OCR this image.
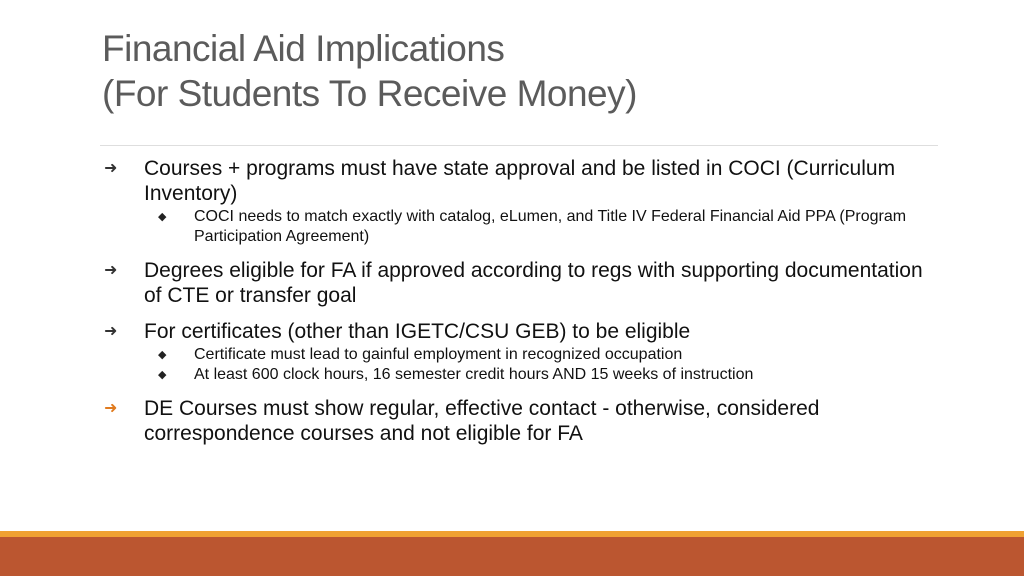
Financial Aid Implications
(For Students To Receive Money)
➜	Courses + programs must have state approval and be listed in COCI (Curriculum Inventory)
◆ COCI needs to match exactly with catalog, eLumen, and Title IV Federal Financial Aid PPA (Program Participation Agreement)
➜	Degrees eligible for FA if approved according to regs with supporting documentation of CTE or transfer goal
➜	For certificates (other than IGETC/CSU GEB) to be eligible
◆ Certificate must lead to gainful employment in recognized occupation
◆ At least 600 clock hours, 16 semester credit hours AND 15 weeks of instruction
➜	DE Courses must show regular, effective contact - otherwise, considered correspondence courses and not eligible for FA
